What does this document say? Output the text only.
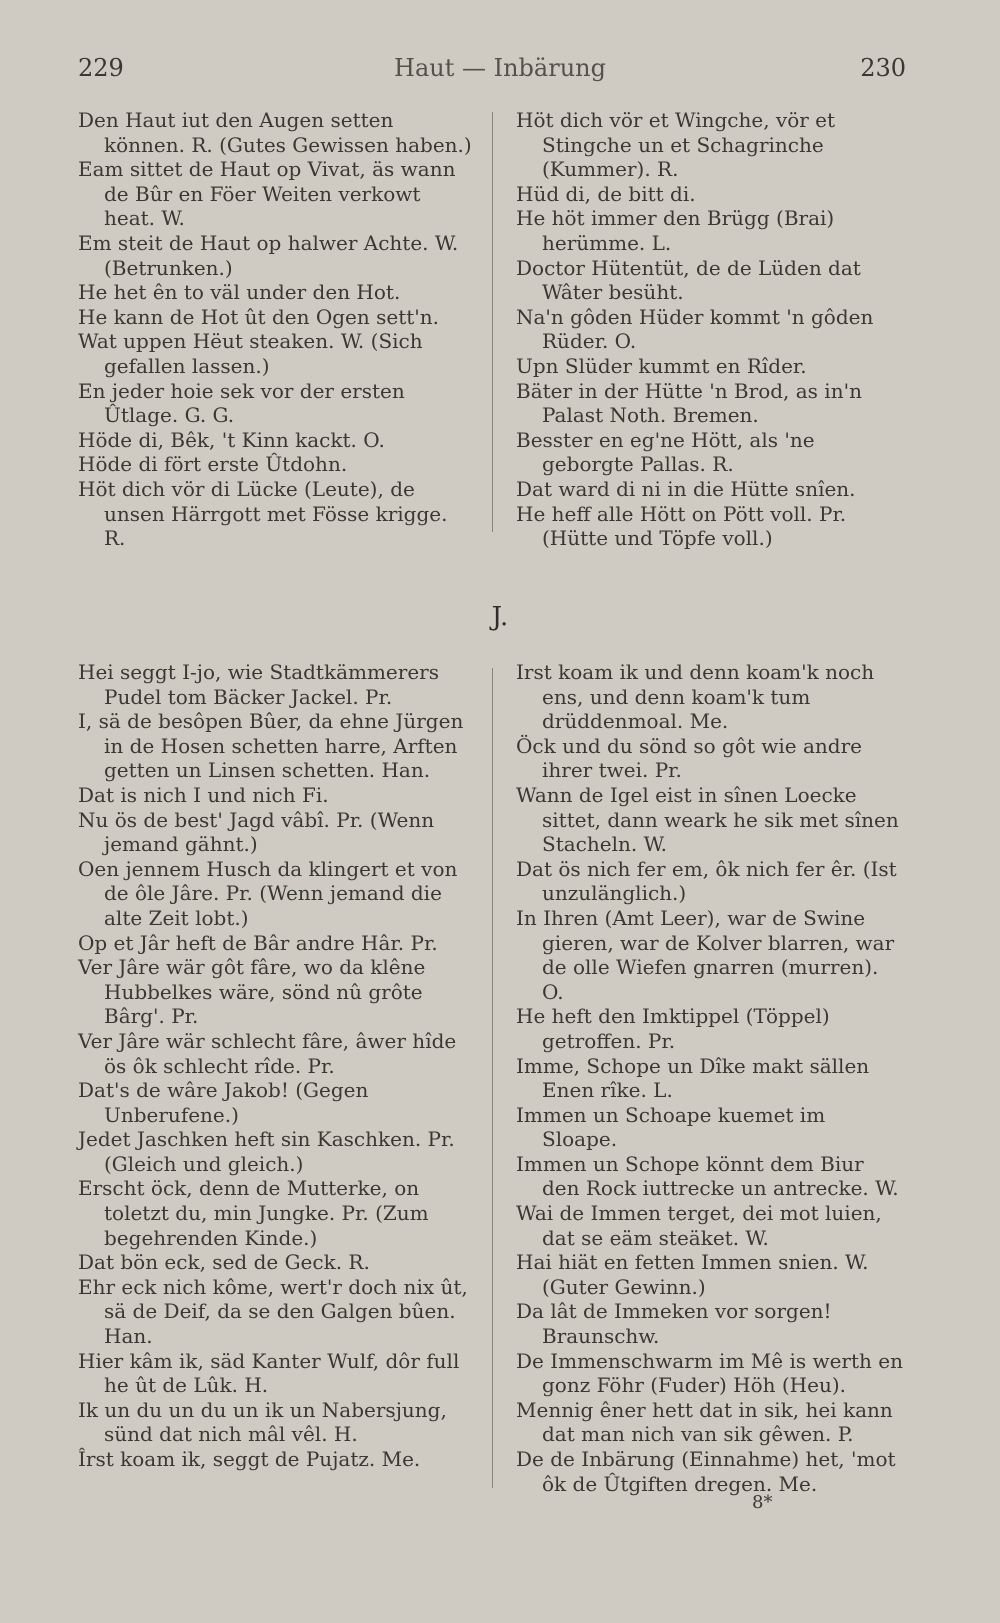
229	Haut — Inbärung	230

Den Haut iut den Augen setten können. R. (Gutes Gewissen haben.)

Eam sittet de Haut op Vivat, äs wann de Bûr en Föer Weiten verkowt heat. W.

Em steit de Haut op halwer Achte. W. (Betrunken.)

He het ên to väl under den Hot.

He kann de Hot ût den Ogen sett'n.

Wat uppen Hëut steaken. W. (Sich gefallen lassen.)

En jeder hoie sek vor der ersten Ûtlage. G. G.

Höde di, Bêk, 't Kinn kackt. O.

Höde di fört erste Ûtdohn.

Höt dich vör di Lücke (Leute), de unsen Härrgott met Fösse krigge. R.

Höt dich vör et Wingche, vör et Stingche un et Schagrinche (Kummer). R.

Hüd di, de bitt di.

He höt immer den Brügg (Brai) herümme. L.

Doctor Hütentüt, de de Lüden dat Wâter besüht.

Na'n gôden Hüder kommt 'n gôden Rüder. O.

Upn Slüder kummt en Rîder.

Bäter in der Hütte 'n Brod, as in'n Palast Noth. Bremen.

Besster en eg'ne Hött, als 'ne geborgte Pallas. R.

Dat ward di ni in die Hütte snîen.

He heff alle Hött on Pött voll. Pr. (Hütte und Töpfe voll.)

J.

Hei seggt I-jo, wie Stadtkämmerers Pudel tom Bäcker Jackel. Pr.

I, sä de besôpen Bûer, da ehne Jürgen in de Hosen schetten harre, Arften getten un Linsen schetten. Han.

Dat is nich I und nich Fi.

Nu ös de best' Jagd vâbî. Pr. (Wenn jemand gähnt.)

Oen jennem Husch da klingert et von de ôle Jâre. Pr. (Wenn jemand die alte Zeit lobt.)

Op et Jâr heft de Bâr andre Hâr. Pr.

Ver Jâre wär gôt fâre, wo da klêne Hubbelkes wäre, sönd nû grôte Bârg'. Pr.

Ver Jâre wär schlecht fâre, âwer hîde ös ôk schlecht rîde. Pr.

Dat's de wâre Jakob! (Gegen Unberufene.)

Jedet Jaschken heft sin Kaschken. Pr. (Gleich und gleich.)

Erscht öck, denn de Mutterke, on toletzt du, min Jungke. Pr. (Zum begehrenden Kinde.)

Dat bön eck, sed de Geck. R.

Ehr eck nich kôme, wert'r doch nix ût, sä de Deif, da se den Galgen bûen. Han.

Hier kâm ik, säd Kanter Wulf, dôr full he ût de Lûk. H.

Ik un du un du un ik un Nabersjung, sünd dat nich mâl vêl. H.

Îrst koam ik, seggt de Pujatz. Me.

Irst koam ik und denn koam'k noch ens, und denn koam'k tum drüddenmoal. Me.

Öck und du sönd so gôt wie andre ihrer twei. Pr.

Wann de Igel eist in sînen Loecke sittet, dann weark he sik met sînen Stacheln. W.

Dat ös nich fer em, ôk nich fer êr. (Ist unzulänglich.)

In Ihren (Amt Leer), war de Swine gieren, war de Kolver blarren, war de olle Wiefen gnarren (murren). O.

He heft den Imktippel (Töppel) getroffen. Pr.

Imme, Schope un Dîke makt sällen Enen rîke. L.

Immen un Schoape kuemet im Sloape.

Immen un Schope könnt dem Biur den Rock iuttrecke un antrecke. W.

Wai de Immen terget, dei mot luien, dat se eäm steäket. W.

Hai hiät en fetten Immen snien. W. (Guter Gewinn.)

Da lât de Immeken vor sorgen! Braunschw.

De Immenschwarm im Mê is werth en gonz Föhr (Fuder) Höh (Heu).

Mennig êner hett dat in sik, hei kann dat man nich van sik gêwen. P.

De de Inbärung (Einnahme) het, 'mot ôk de Ûtgiften dregen. Me.

8*
